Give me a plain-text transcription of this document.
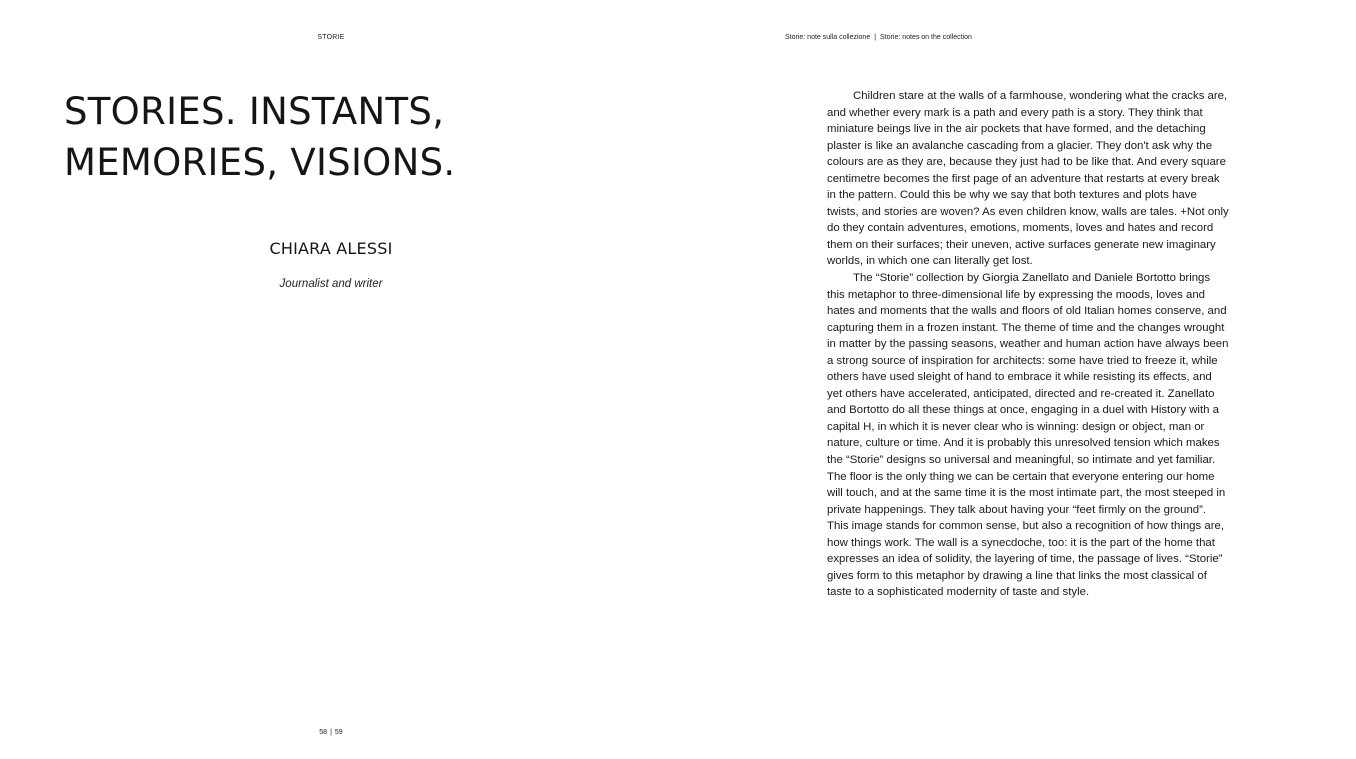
STORIE	Storie: note sulla collezione | Storie: notes on the collection
STORIES. INSTANTS,
MEMORIES, VISIONS.
CHIARA ALESSI
Journalist and writer

Children stare at the walls of a farmhouse, wondering what the cracks are, and whether every mark is a path and every path is a story. They think that miniature beings live in the air pockets that have formed, and the detaching plaster is like an avalanche cascading from a glacier. They don't ask why the colours are as they are, because they just had to be like that. And every square centimetre becomes the first page of an adventure that restarts at every break in the pattern. Could this be why we say that both textures and plots have twists, and stories are woven? As even children know, walls are tales. +Not only do they contain adventures, emotions, moments, loves and hates and record them on their surfaces; their uneven, active surfaces generate new imaginary worlds, in which one can literally get lost.

The “Storie” collection by Giorgia Zanellato and Daniele Bortotto brings this metaphor to three-dimensional life by expressing the moods, loves and hates and moments that the walls and floors of old Italian homes conserve, and capturing them in a frozen instant. The theme of time and the changes wrought in matter by the passing seasons, weather and human action have always been a strong source of inspiration for architects: some have tried to freeze it, while others have used sleight of hand to embrace it while resisting its effects, and yet others have accelerated, anticipated, directed and re-created it. Zanellato and Bortotto do all these things at once, engaging in a duel with History with a capital H, in which it is never clear who is winning: design or object, man or nature, culture or time. And it is probably this unresolved tension which makes the “Storie” designs so universal and meaningful, so intimate and yet familiar. The floor is the only thing we can be certain that everyone entering our home will touch, and at the same time it is the most intimate part, the most steeped in private happenings. They talk about having your “feet firmly on the ground”. This image stands for common sense, but also a recognition of how things are, how things work. The wall is a synecdoche, too: it is the part of the home that expresses an idea of solidity, the layering of time, the passage of lives. “Storie” gives form to this metaphor by drawing a line that links the most classical of taste to a sophisticated modernity of taste and style.

58 | 59
